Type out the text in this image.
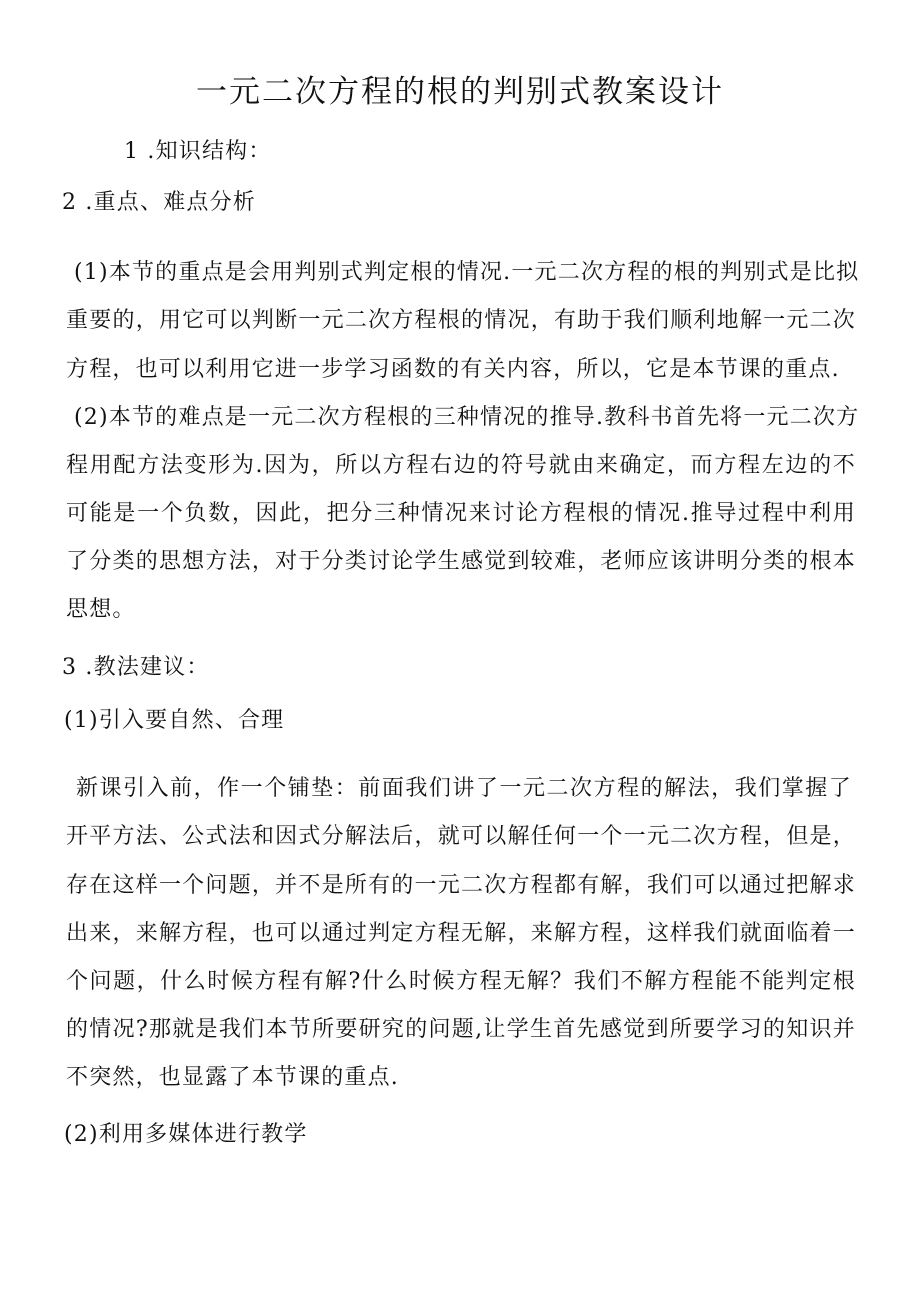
一元二次方程的根的判别式教案设计
1 .知识结构：
2 .重点、难点分析
(1)本节的重点是会用判别式判定根的情况.一元二次方程的根的判别式是比拟
重要的，用它可以判断一元二次方程根的情况，有助于我们顺利地解一元二次
方程，也可以利用它进一步学习函数的有关内容，所以，它是本节课的重点.
(2)本节的难点是一元二次方程根的三种情况的推导.教科书首先将一元二次方
程用配方法变形为.因为，所以方程右边的符号就由来确定，而方程左边的不
可能是一个负数，因此，把分三种情况来讨论方程根的情况.推导过程中利用
了分类的思想方法，对于分类讨论学生感觉到较难，老师应该讲明分类的根本
思想。
3 .教法建议：
(1)引入要自然、合理
新课引入前，作一个铺垫：前面我们讲了一元二次方程的解法，我们掌握了
开平方法、公式法和因式分解法后，就可以解任何一个一元二次方程，但是，
存在这样一个问题，并不是所有的一元二次方程都有解，我们可以通过把解求
出来，来解方程，也可以通过判定方程无解，来解方程，这样我们就面临着一
个问题，什么时候方程有解?什么时候方程无解？我们不解方程能不能判定根
的情况?那就是我们本节所要研究的问题,让学生首先感觉到所要学习的知识并
不突然，也显露了本节课的重点.
(2)利用多媒体进行教学
